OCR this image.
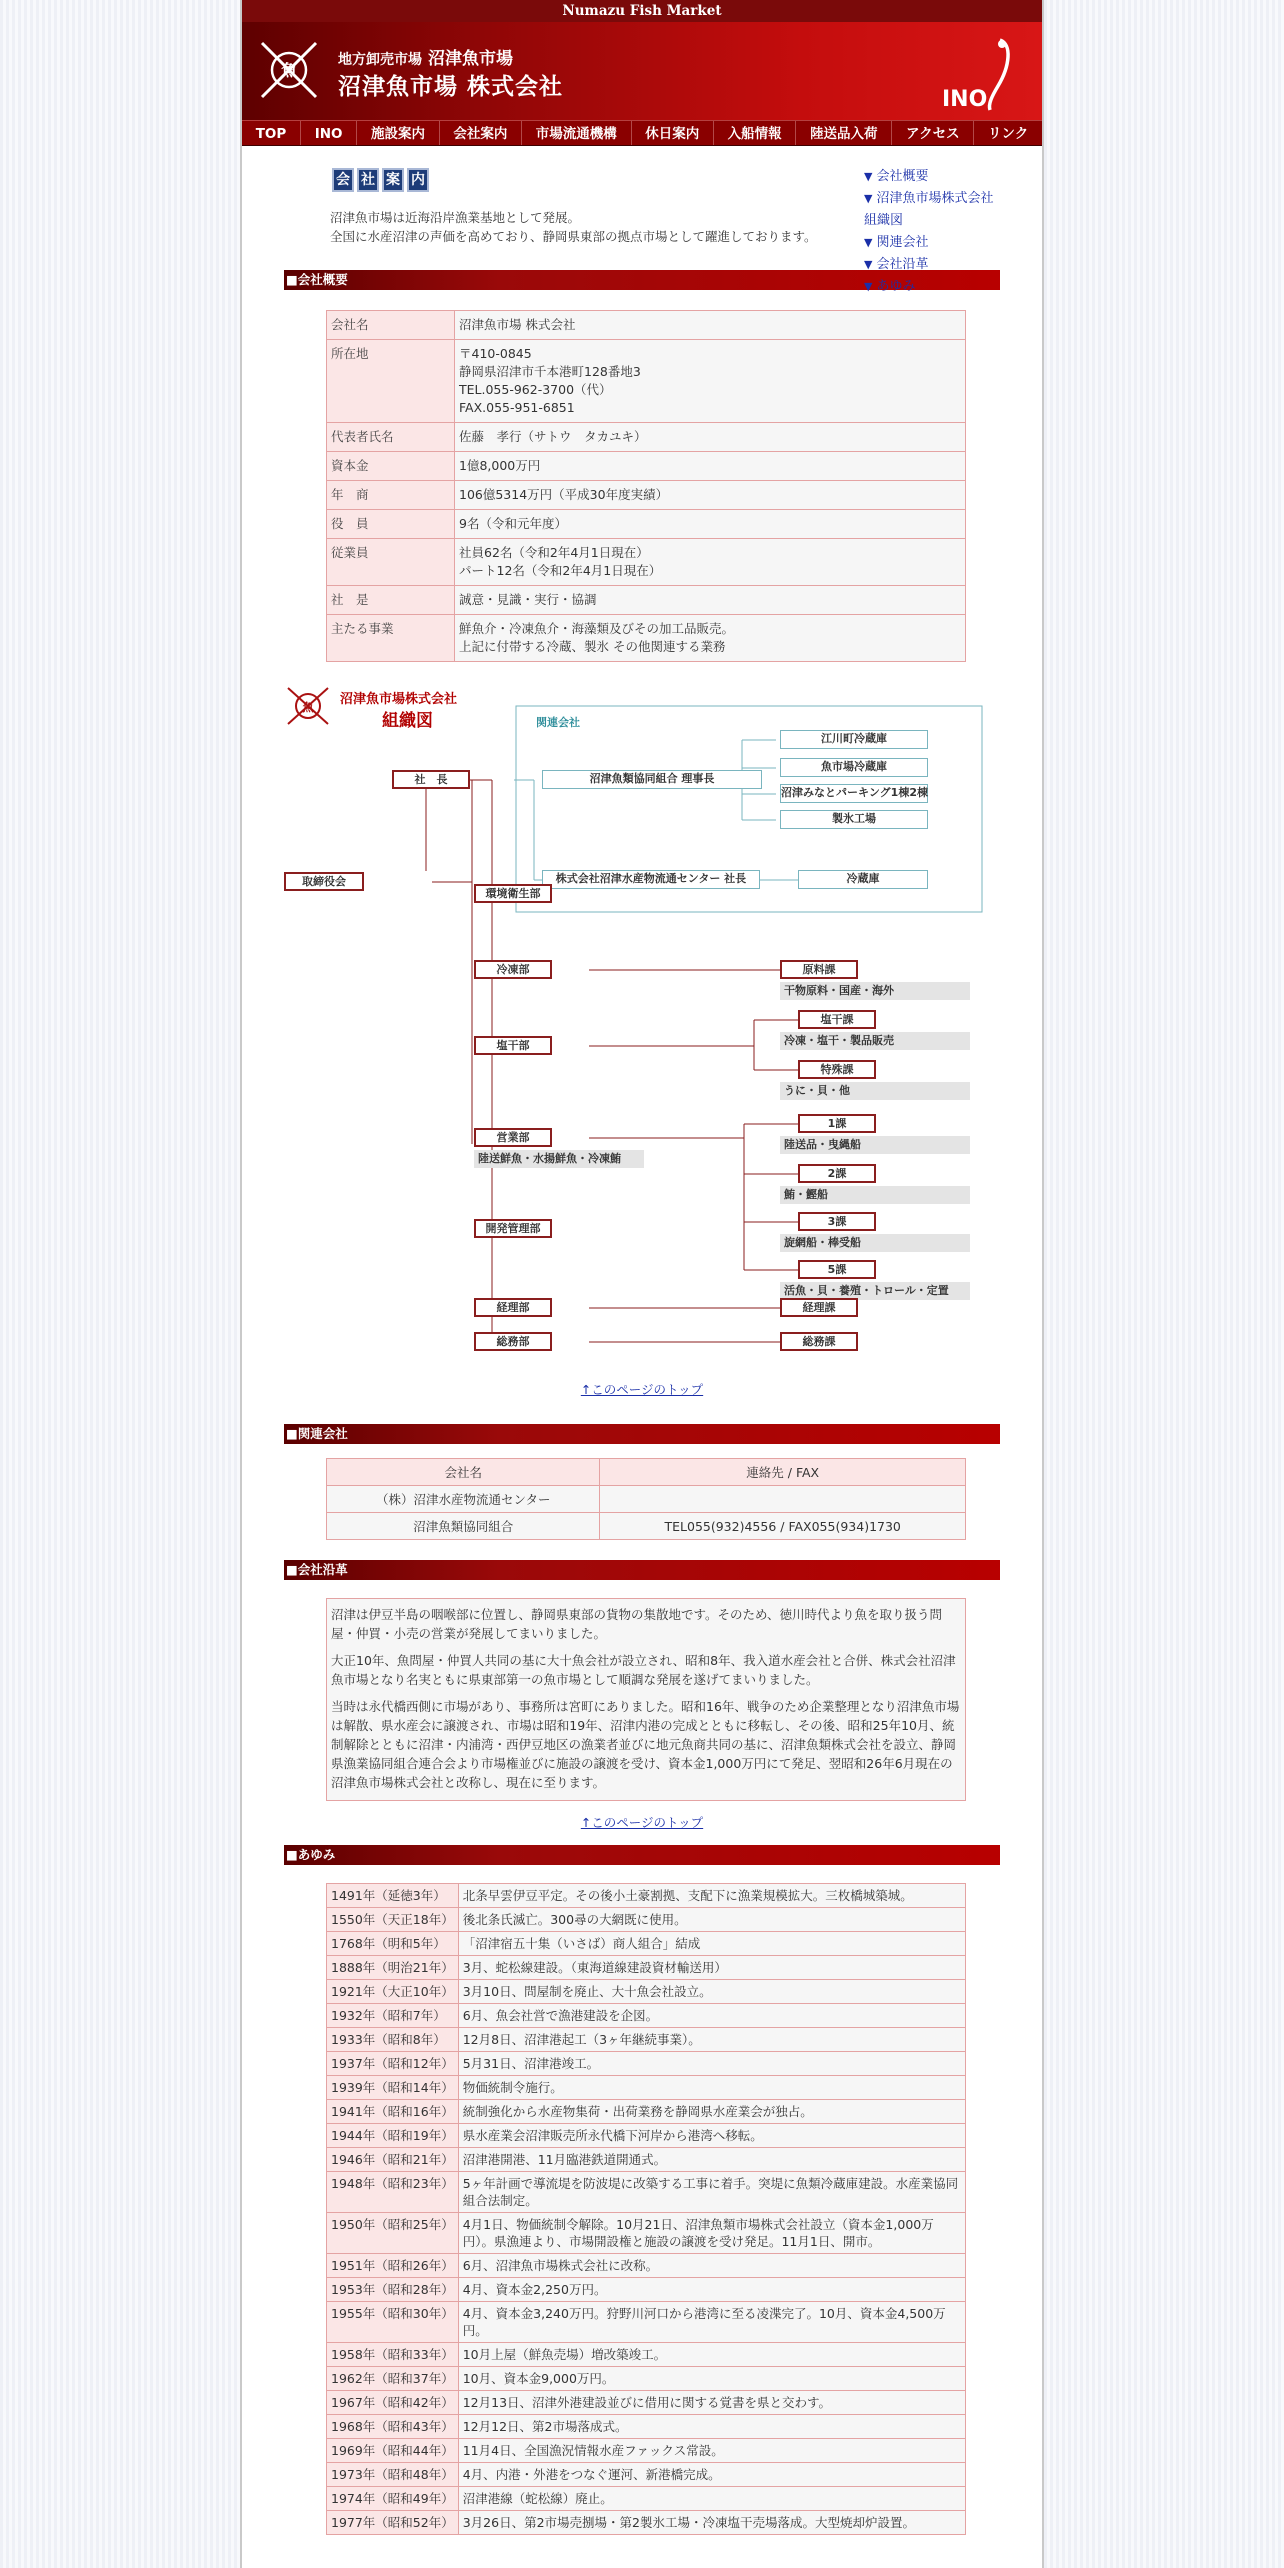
Numazu Fish Market
魚
地方卸売市場 沼津魚市場
沼津魚市場 株式会社	INO
TOP	INO	施設案内	会社案内	市場流通機構	休日案内	入船情報	陸送品入荷	アクセス	リンク
会 社 案 内
沼津魚市場は近海沿岸漁業基地として発展。
全国に水産沼津の声価を高めており、静岡県東部の拠点市場として躍進しております。
▼ 会社概要
▼ 沼津魚市場株式会社組織図
▼ 関連会社
▼ 会社沿革
▼ あゆみ
■会社概要
会社名	沼津魚市場 株式会社

所在地	〒410-0845
静岡県沼津市千本港町128番地3
TEL.055-962-3700（代）
FAX.055-951-6851

代表者氏名	佐藤　孝行（サトウ　タカユキ）

資本金	1億8,000万円

年　商	106億5314万円（平成30年度実績）

役　員	9名（令和元年度）

従業員	社員62名（令和2年4月1日現在）
パート12名（令和2年4月1日現在）

社　是	誠意・見識・実行・協調

主たる事業	鮮魚介・冷凍魚介・海藻類及びその加工品販売。
上記に付帯する冷蔵、製氷 その他関連する業務
魚
沼津魚市場株式会社
組織図	関連会社
社　長
取締役会
沼津魚類協同組合 理事長
江川町冷蔵庫
魚市場冷蔵庫
沼津みなとパーキング1棟2棟
製氷工場
株式会社沼津水産物流通センター 社長	冷蔵庫
環境衛生部
冷凍部
塩干部
営業部
陸送鮮魚・水揚鮮魚・冷凍鮪
開発管理部
経理部
総務部
原料課
干物原料・国産・海外
塩干課
冷凍・塩干・製品販売
特殊課
うに・貝・他
1課
陸送品・曳縄船
2課
鮪・鰹船
3課
旋網船・棒受船
5課
活魚・貝・養殖・トロール・定置
経理課
総務課
↑このページのトップ
■関連会社
会社名	連絡先 / FAX
（株）沼津水産物流通センター	
沼津魚類協同組合	TEL055(932)4556 / FAX055(934)1730
■会社沿革

沼津は伊豆半島の咽喉部に位置し、静岡県東部の貨物の集散地です。そのため、徳川時代より魚を取り扱う問屋・仲買・小売の営業が発展してまいりました。

大正10年、魚問屋・仲買人共同の基に大十魚会社が設立され、昭和8年、我入道水産会社と合併、株式会社沼津魚市場となり名実ともに県東部第一の魚市場として順調な発展を遂げてまいりました。

当時は永代橋西側に市場があり、事務所は宮町にありました。昭和16年、戦争のため企業整理となり沼津魚市場は解散、県水産会に譲渡され、市場は昭和19年、沼津内港の完成とともに移転し、その後、昭和25年10月、統制解除とともに沼津・内浦湾・西伊豆地区の漁業者並びに地元魚商共同の基に、沼津魚類株式会社を設立、静岡県漁業協同組合連合会より市場権並びに施設の譲渡を受け、資本金1,000万円にて発足、翌昭和26年6月現在の沼津魚市場株式会社と改称し、現在に至ります。

↑このページのトップ
■あゆみ
1491年（延徳3年）	北条早雲伊豆平定。その後小土豪割拠、支配下に漁業規模拡大。三枚橋城築城。
1550年（天正18年）	後北条氏滅亡。300尋の大網既に使用。
1768年（明和5年）	「沼津宿五十集（いさば）商人組合」結成
1888年（明治21年）	3月、蛇松線建設。（東海道線建設資材輸送用）
1921年（大正10年）	3月10日、問屋制を廃止、大十魚会社設立。
1932年（昭和7年）	6月、魚会社営で漁港建設を企図。
1933年（昭和8年）	12月8日、沼津港起工（3ヶ年継続事業）。
1937年（昭和12年）	5月31日、沼津港竣工。
1939年（昭和14年）	物価統制令施行。
1941年（昭和16年）	統制強化から水産物集荷・出荷業務を静岡県水産業会が独占。
1944年（昭和19年）	県水産業会沼津販売所永代橋下河岸から港湾へ移転。
1946年（昭和21年）	沼津港開港、11月臨港鉄道開通式。
1948年（昭和23年）	5ヶ年計画で導流堤を防波堤に改築する工事に着手。突堤に魚類冷蔵庫建設。水産業協同組合法制定。
1950年（昭和25年）	4月1日、物価統制令解除。10月21日、沼津魚類市場株式会社設立（資本金1,000万円）。県漁連より、市場開設権と施設の譲渡を受け発足。11月1日、開市。
1951年（昭和26年）	6月、沼津魚市場株式会社に改称。
1953年（昭和28年）	4月、資本金2,250万円。
1955年（昭和30年）	4月、資本金3,240万円。狩野川河口から港湾に至る凌渫完了。10月、資本金4,500万円。
1958年（昭和33年）	10月上屋（鮮魚売場）増改築竣工。
1962年（昭和37年）	10月、資本金9,000万円。
1967年（昭和42年）	12月13日、沼津外港建設並びに借用に関する覚書を県と交わす。
1968年（昭和43年）	12月12日、第2市場落成式。
1969年（昭和44年）	11月4日、全国漁況情報水産ファックス常設。
1973年（昭和48年）	4月、内港・外港をつなぐ運河、新港橋完成。
1974年（昭和49年）	沼津港線（蛇松線）廃止。
1977年（昭和52年）	3月26日、第2市場売捌場・第2製氷工場・冷凍塩干売場落成。大型焼却炉設置。
